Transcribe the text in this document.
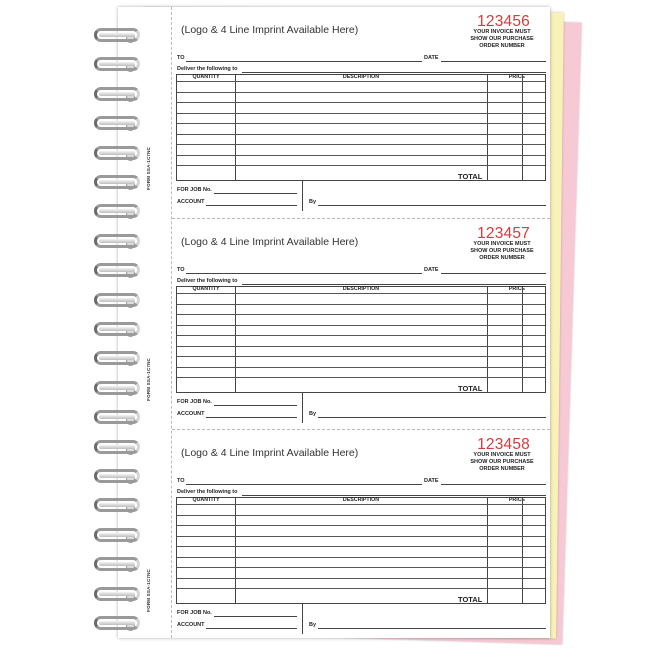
FORM SSA-1C7NC
FORM SSA-1C7NC
FORM SSA-1C7NC
(Logo & 4 Line Imprint Available Here)	123456
YOUR INVOICE MUST
SHOW OUR PURCHASE
ORDER NUMBER
TO	DATE
Deliver the following to
QUANTITY	DESCRIPTION	PRICE
TOTAL
FOR JOB No.
ACCOUNT	By
(Logo & 4 Line Imprint Available Here)	123457
YOUR INVOICE MUST
SHOW OUR PURCHASE
ORDER NUMBER
TO	DATE
Deliver the following to
QUANTITY	DESCRIPTION	PRICE
TOTAL
FOR JOB No.
ACCOUNT	By
(Logo & 4 Line Imprint Available Here)	123458
YOUR INVOICE MUST
SHOW OUR PURCHASE
ORDER NUMBER
TO	DATE
Deliver the following to
QUANTITY	DESCRIPTION	PRICE
TOTAL
FOR JOB No.
ACCOUNT	By
